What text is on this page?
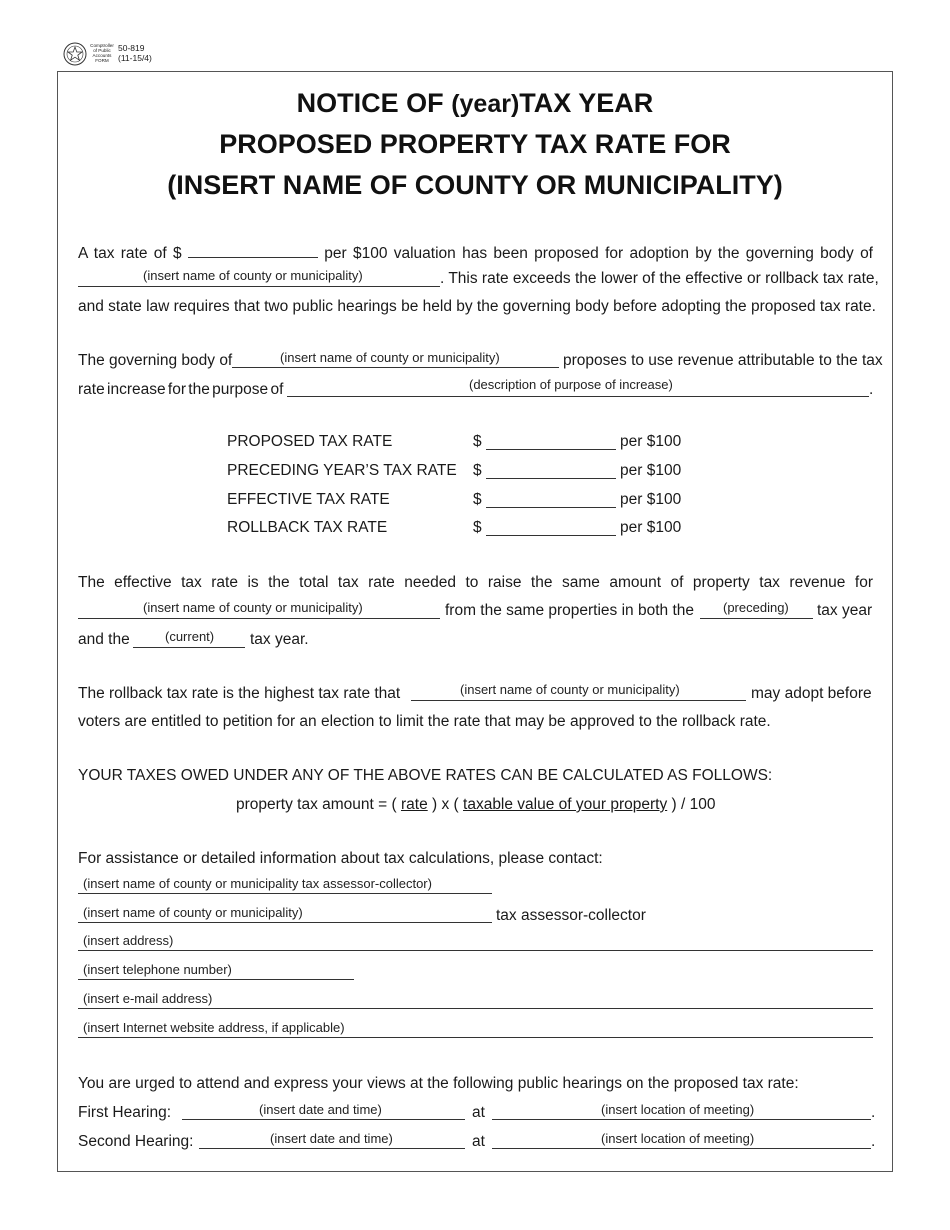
Comptroller of Public Accounts FORM
50-819
(11-15/4)
NOTICE OF (year)TAX YEAR
PROPOSED PROPERTY TAX RATE FOR
(INSERT NAME OF COUNTY OR MUNICIPALITY)
A tax rate of $	per $100 valuation has been proposed for adoption by the governing body of
(insert name of county or municipality)	. This rate exceeds the lower of the effective or rollback tax rate,
and state law requires that two public hearings be held by the governing body before adopting the proposed tax rate.
The governing body of	(insert name of county or municipality)	proposes to use revenue attributable to the tax
rate increase for the purpose of	(description of purpose of increase)	.
PROPOSED TAX RATE	$	per $100
PRECEDING YEAR’S TAX RATE $	per $100
EFFECTIVE TAX RATE	$	per $100
ROLLBACK TAX RATE	$	per $100
The effective tax rate is the total tax rate needed to raise the same amount of property tax revenue for
(insert name of county or municipality)	from the same properties in both the (preceding) tax year
and the	(current) tax year.
The rollback tax rate is the highest tax rate that	(insert name of county or municipality)	may adopt before
voters are entitled to petition for an election to limit the rate that may be approved to the rollback rate.
YOUR TAXES OWED UNDER ANY OF THE ABOVE RATES CAN BE CALCULATED AS FOLLOWS:
property tax amount = ( rate ) x ( taxable value of your property ) / 100
For assistance or detailed information about tax calculations, please contact:
(insert name of county or municipality tax assessor-collector)
(insert name of county or municipality)	tax assessor-collector
(insert address)
(insert telephone number)
(insert e-mail address)
(insert Internet website address, if applicable)
You are urged to attend and express your views at the following public hearings on the proposed tax rate:
First Hearing:	(insert date and time)	at	(insert location of meeting)	.
Second Hearing:	(insert date and time)	at	(insert location of meeting)	.
